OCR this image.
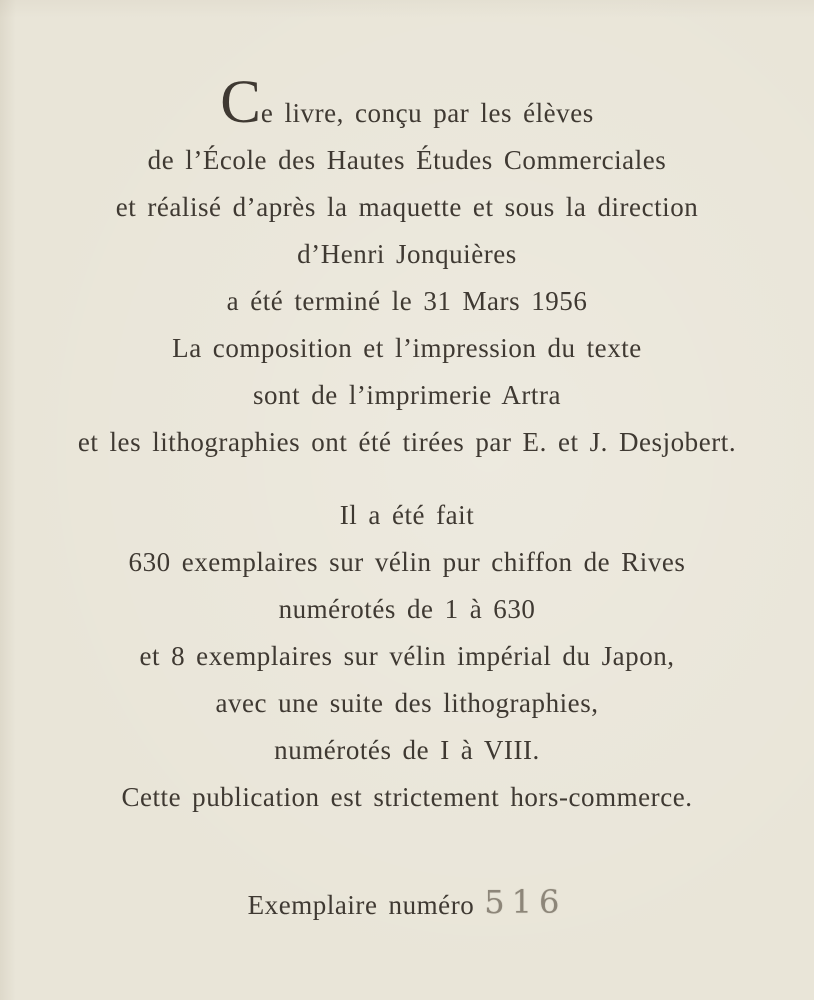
Ce livre, conçu par les élèves
de l’École des Hautes Études Commerciales
et réalisé d’après la maquette et sous la direction
d’Henri Jonquières
a été terminé le 31 Mars 1956
La composition et l’impression du texte
sont de l’imprimerie Artra
et les lithographies ont été tirées par E. et J. Desjobert.
Il a été fait
630 exemplaires sur vélin pur chiffon de Rives
numérotés de 1 à 630
et 8 exemplaires sur vélin impérial du Japon,
avec une suite des lithographies,
numérotés de I à VIII.
Cette publication est strictement hors-commerce.
Exemplaire numéro 516
